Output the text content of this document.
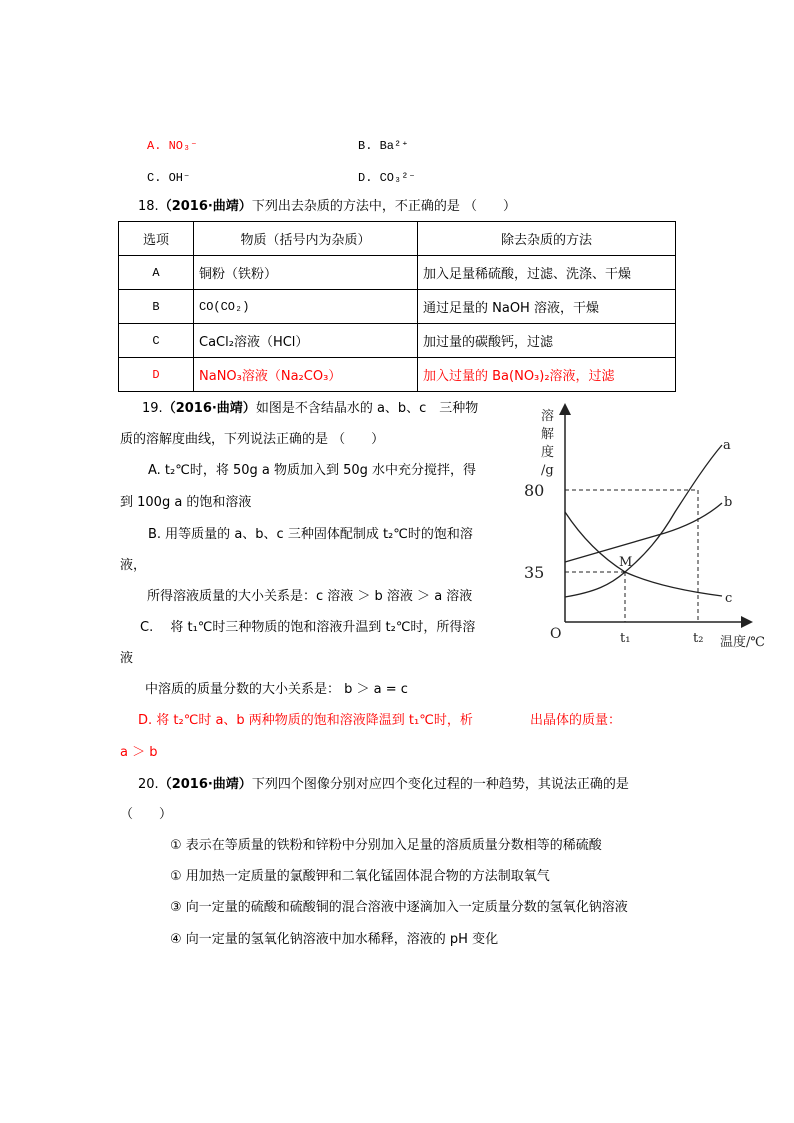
A. NO₃⁻	B. Ba²⁺
C. OH⁻	D. CO₃²⁻
18.（2016·曲靖）下列出去杂质的方法中，不正确的是 （　　）
选项	物质（括号内为杂质）	除去杂质的方法
A	铜粉（铁粉）	加入足量稀硫酸，过滤、洗涤、干燥
B	CO(CO₂)	通过足量的 NaOH 溶液，干燥
C	CaCl₂溶液（HCl）	加过量的碳酸钙，过滤
D	NaNO₃溶液（Na₂CO₃）	加入过量的 Ba(NO₃)₂溶液，过滤
19.（2016·曲靖）如图是不含结晶水的 a、b、c　三种物
质的溶解度曲线，下列说法正确的是 （　　）
A. t₂℃时，将 50g a 物质加入到 50g 水中充分搅拌，得
到 100g a 的饱和溶液
B. 用等质量的 a、b、c 三种固体配制成 t₂℃时的饱和溶
液，
所得溶液质量的大小关系是：c 溶液 ＞ b 溶液 ＞ a 溶液
C.　 将 t₁℃时三种物质的饱和溶液升温到 t₂℃时，所得溶
液
中溶质的质量分数的大小关系是： b ＞ a = c
D. 将 t₂℃时 a、b 两种物质的饱和溶液降温到 t₁℃时，析	出晶体的质量：
a ＞ b
溶
解
度
/g
80
35
O	t₁	t₂ 温度/℃
a
b
c
M
20.（2016·曲靖）下列四个图像分别对应四个变化过程的一种趋势，其说法正确的是
（　　）
① 表示在等质量的铁粉和锌粉中分别加入足量的溶质质量分数相等的稀硫酸
① 用加热一定质量的氯酸钾和二氧化锰固体混合物的方法制取氧气
③ 向一定量的硫酸和硫酸铜的混合溶液中逐滴加入一定质量分数的氢氧化钠溶液
④ 向一定量的氢氧化钠溶液中加水稀释，溶液的 pH 变化
